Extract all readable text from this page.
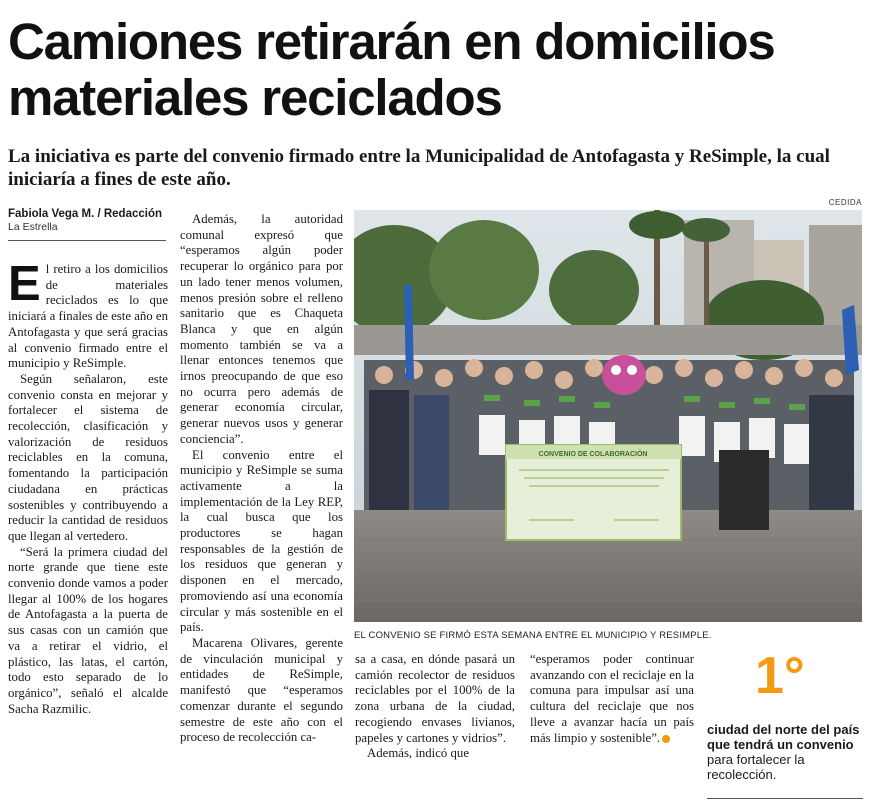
Camiones retirarán en domicilios materiales reciclados

La iniciativa es parte del convenio firmado entre la Municipalidad de Antofagasta y ReSimple, la cual iniciaría a fines de este año.

Fabiola Vega M. / Redacción
La Estrella

El retiro a los domicilios de materiales reciclados es lo que iniciará a finales de este año en Antofagasta y que será gracias al convenio firmado entre el municipio y ReSimple.

Según señalaron, este convenio consta en mejorar y fortalecer el sistema de recolección, clasificación y valorización de residuos reciclables en la comuna, fomentando la participación ciudadana en prácticas sostenibles y contribuyendo a reducir la cantidad de residuos que llegan al vertedero.

“Será la primera ciudad del norte grande que tiene este convenio donde vamos a poder llegar al 100% de los hogares de Antofagasta a la puerta de sus casas con un camión que va a retirar el vidrio, el plástico, las latas, el cartón, todo esto separado de lo orgánico”, señaló el alcalde Sacha Razmilic.

Además, la autoridad comunal expresó que “esperamos algún poder recuperar lo orgánico para por un lado tener menos volumen, menos presión sobre el relleno sanitario que es Chaqueta Blanca y que en algún momento también se va a llenar entonces tenemos que irnos preocupando de que eso no ocurra pero además de generar economía circular, generar nuevos usos y generar conciencia”.

El convenio entre el municipio y ReSimple se suma activamente a la implementación de la Ley REP, la cual busca que los productores se hagan responsables de la gestión de los residuos que generan y disponen en el mercado, promoviendo así una economía circular y más sostenible en el país.

Macarena Olivares, gerente de vinculación municipal y entidades de ReSimple, manifestó que “esperamos comenzar durante el segundo semestre de este año con el proceso de recolección ca-

CEDIDA
CONVENIO DE COLABORACIÓN
EL CONVENIO SE FIRMÓ ESTA SEMANA ENTRE EL MUNICIPIO Y RESIMPLE.

sa a casa, en dónde pasará un camión recolector de residuos reciclables por el 100% de la zona urbana de la ciudad, recogiendo envases livianos, papeles y cartones y vidrios”.

Además, indicó que

“esperamos poder continuar avanzando con el reciclaje en la comuna para impulsar así una cultura del reciclaje que nos lleve a avanzar hacía un país más limpio y sostenible”.

1°
ciudad del norte del país que tendrá un convenio para fortalecer la recolección.
